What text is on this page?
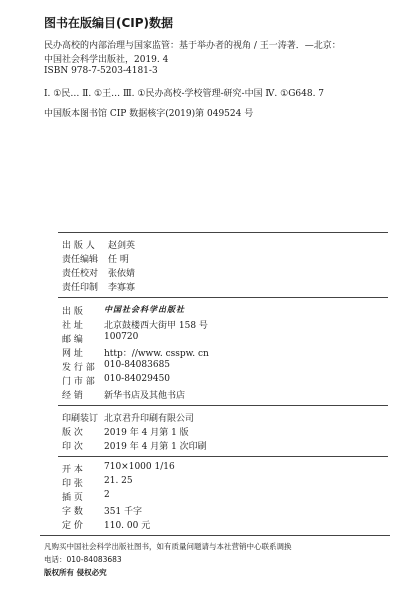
图书在版编目(CIP)数据
民办高校的内部治理与国家监管：基于举办者的视角 / 王一涛著．—北京：
中国社会科学出版社，2019. 4
ISBN 978-7-5203-4181-3
Ⅰ. ①民… Ⅱ. ①王… Ⅲ. ①民办高校-学校管理-研究-中国 Ⅳ. ①G648. 7
中国版本图书馆 CIP 数据核字(2019)第 049524 号
出 版 人	赵剑英
责任编辑	任 明
责任校对	张依婧
责任印制	李寡寡
出 版	中国社会科学出版社
社 址	北京鼓楼西大街甲 158 号
邮 编	100720
网 址	http：//www. csspw. cn
发 行 部	010-84083685
门 市 部	010-84029450
经 销	新华书店及其他书店
印刷装订 北京君升印刷有限公司
版 次	2019 年 4 月第 1 版
印 次	2019 年 4 月第 1 次印刷
开 本	710×1000 1/16
印 张	21. 25
插 页	2
字 数	351 千字
定 价	110. 00 元
凡购买中国社会科学出版社图书，如有质量问题请与本社营销中心联系调换
电话：010-84083683
版权所有 侵权必究
